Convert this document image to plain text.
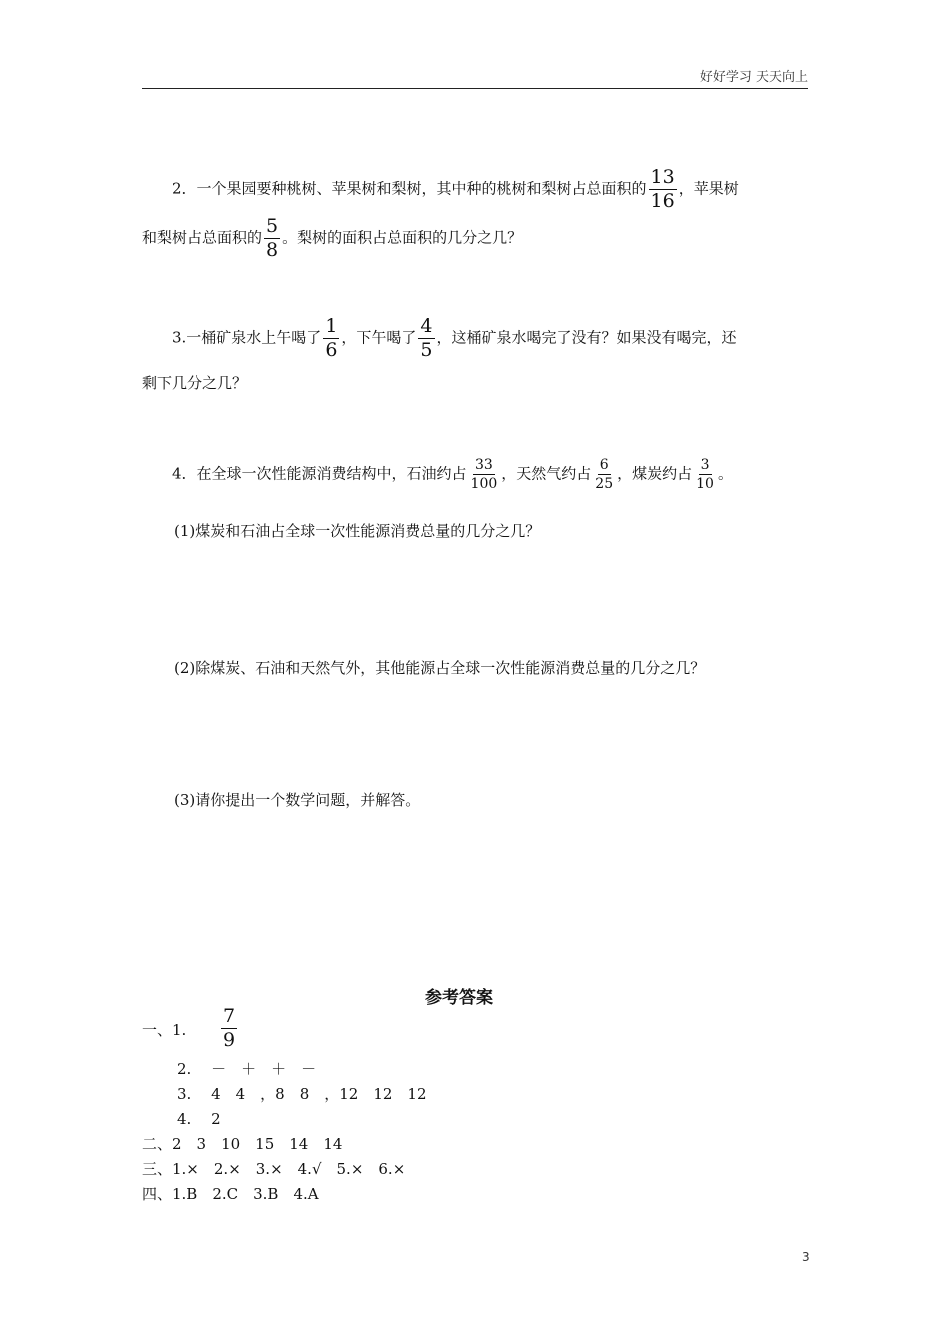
好好学习 天天向上
2．一个果园要种桃树、苹果树和梨树，其中种的桃树和梨树占总面积的 $\frac{13}{16}$ ，苹果树
和梨树占总面积的 $\frac{5}{8}$ 。梨树的面积占总面积的几分之几？
3.一桶矿泉水上午喝了 $\frac{1}{6}$ ，下午喝了 $\frac{4}{5}$ ，这桶矿泉水喝完了没有？如果没有喝完，还
剩下几分之几？
4．在全球一次性能源消费结构中，石油约占 $\frac{33}{100}$ ，天然气约占 $\frac{6}{25}$ ，煤炭约占 $\frac{3}{10}$ 。
(1)煤炭和石油占全球一次性能源消费总量的几分之几？
(2)除煤炭、石油和天然气外，其他能源占全球一次性能源消费总量的几分之几？
(3)请你提出一个数学问题，并解答。
参考答案
一、1. $\frac{7}{9}$
2.　 －　＋　＋　－
3.　 4　4　，8　8　，12　12　12
4.　 2
二、2　3　10　15　14　14
三、1.×　2.×　3.×　4.√　5.×　6.×
四、1.B　2.C　3.B　4.A
3
